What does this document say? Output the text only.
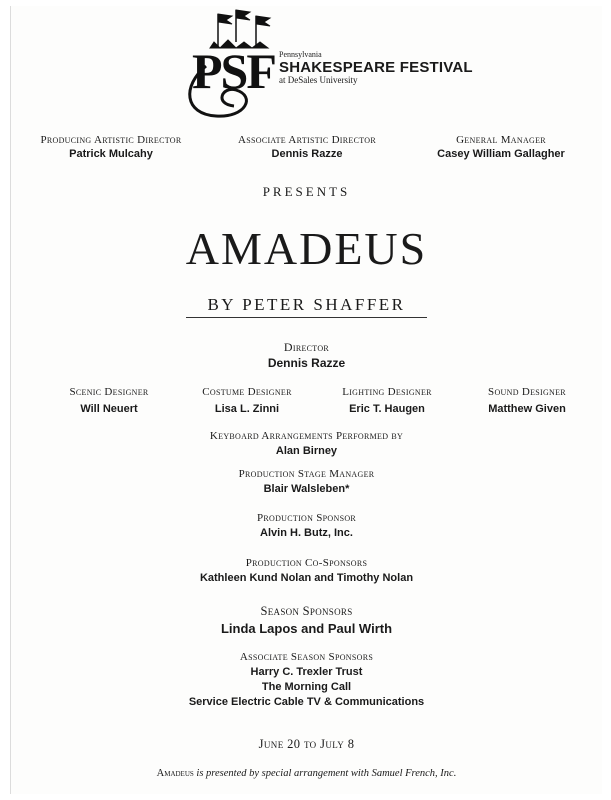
PSF Pennsylvania
SHAKESPEARE FESTIVAL
at DeSales University
Producing Artistic Director
Patrick Mulcahy
Associate Artistic Director
Dennis Razze
General Manager
Casey William Gallagher
PRESENTS
AMADEUS
BY PETER SHAFFER
Director
Dennis Razze
Scenic Designer
Will Neuert
Costume Designer
Lisa L. Zinni
Lighting Designer
Eric T. Haugen
Sound Designer
Matthew Given
Keyboard Arrangements Performed by
Alan Birney
Production Stage Manager
Blair Walsleben*
Production Sponsor
Alvin H. Butz, Inc.
Production Co-Sponsors
Kathleen Kund Nolan and Timothy Nolan
Season Sponsors
Linda Lapos and Paul Wirth
Associate Season Sponsors
Harry C. Trexler Trust
The Morning Call
Service Electric Cable TV & Communications
June 20 to July 8
Amadeus is presented by special arrangement with Samuel French, Inc.
